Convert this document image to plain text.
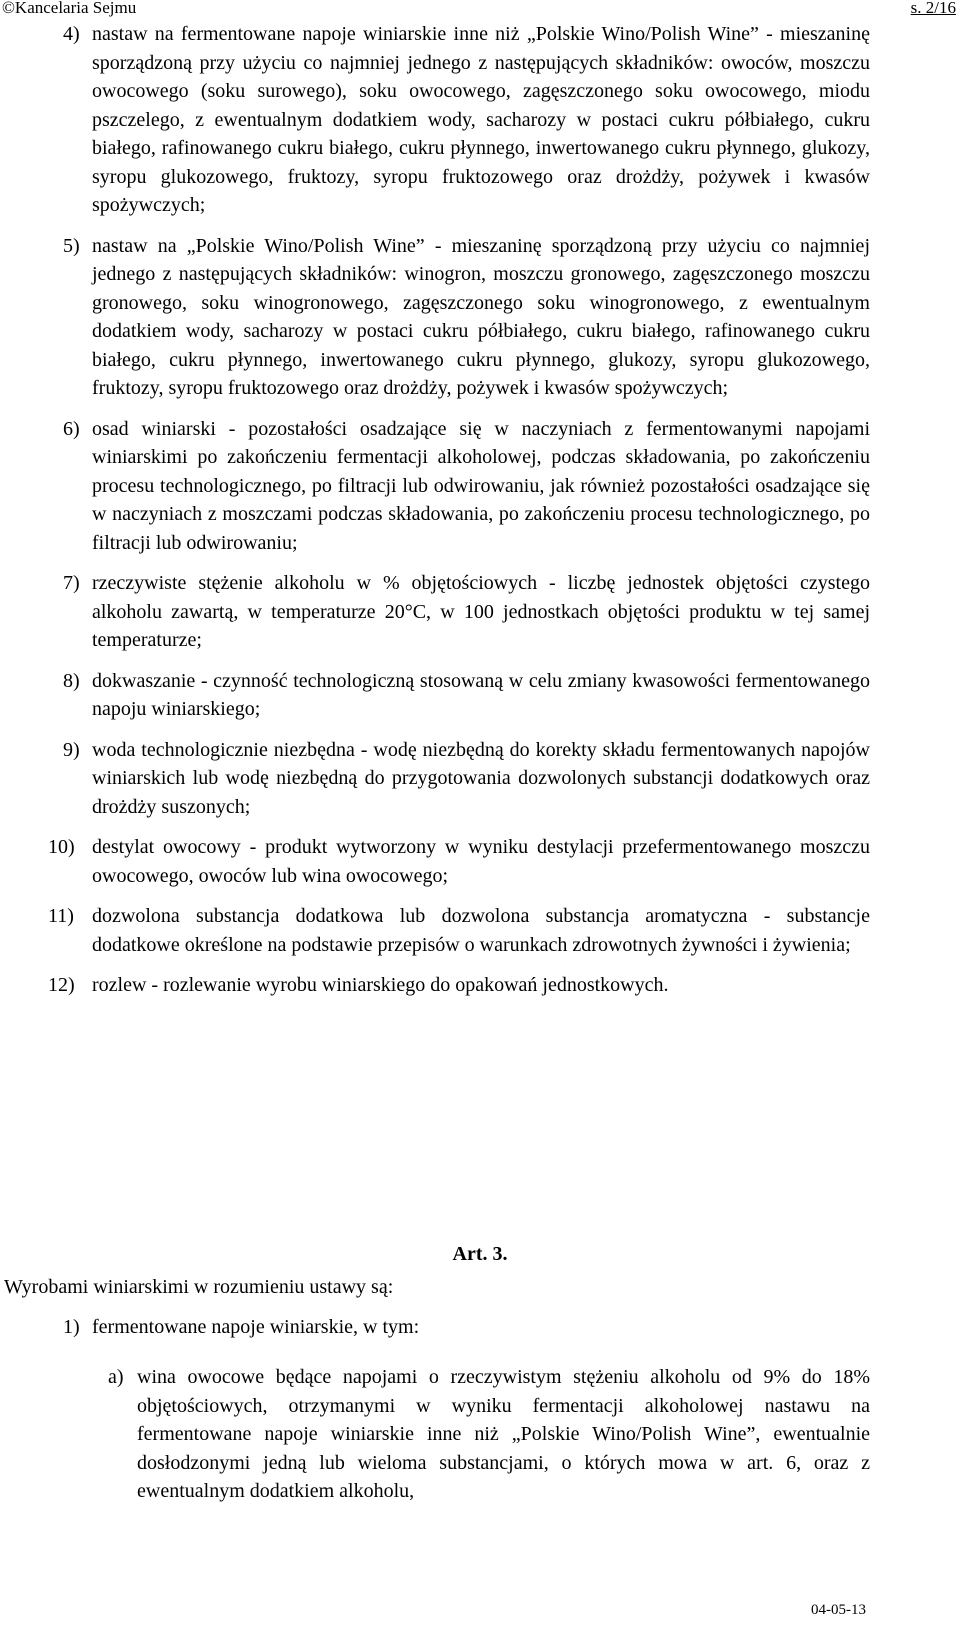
©Kancelaria Sejmu	s. 2/16
4) nastaw na fermentowane napoje winiarskie inne niż „Polskie Wino/Polish Wine” - mieszaninę sporządzoną przy użyciu co najmniej jednego z następujących składników: owoców, moszczu owocowego (soku surowego), soku owocowego, zagęszczonego soku owocowego, miodu pszczelego, z ewentualnym dodatkiem wody, sacharozy w postaci cukru półbiałego, cukru białego, rafinowanego cukru białego, cukru płynnego, inwertowanego cukru płynnego, glukozy, syropu glukozowego, fruktozy, syropu fruktozowego oraz drożdży, pożywek i kwasów spożywczych;
5) nastaw na „Polskie Wino/Polish Wine” - mieszaninę sporządzoną przy użyciu co najmniej jednego z następujących składników: winogron, moszczu gronowego, zagęszczonego moszczu gronowego, soku winogronowego, zagęszczonego soku winogronowego, z ewentualnym dodatkiem wody, sacharozy w postaci cukru półbiałego, cukru białego, rafinowanego cukru białego, cukru płynnego, inwertowanego cukru płynnego, glukozy, syropu glukozowego, fruktozy, syropu fruktozowego oraz drożdży, pożywek i kwasów spożywczych;
6) osad winiarski - pozostałości osadzające się w naczyniach z fermentowanymi napojami winiarskimi po zakończeniu fermentacji alkoholowej, podczas składowania, po zakończeniu procesu technologicznego, po filtracji lub odwirowaniu, jak również pozostałości osadzające się w naczyniach z moszczami podczas składowania, po zakończeniu procesu technologicznego, po filtracji lub odwirowaniu;
7) rzeczywiste stężenie alkoholu w % objętościowych - liczbę jednostek objętości czystego alkoholu zawartą, w temperaturze 20°C, w 100 jednostkach objętości produktu w tej samej temperaturze;
8) dokwaszanie - czynność technologiczną stosowaną w celu zmiany kwasowości fermentowanego napoju winiarskiego;
9) woda technologicznie niezbędna - wodę niezbędną do korekty składu fermentowanych napojów winiarskich lub wodę niezbędną do przygotowania dozwolonych substancji dodatkowych oraz drożdży suszonych;
10) destylat owocowy - produkt wytworzony w wyniku destylacji przefermentowanego moszczu owocowego, owoców lub wina owocowego;
11) dozwolona substancja dodatkowa lub dozwolona substancja aromatyczna - substancje dodatkowe określone na podstawie przepisów o warunkach zdrowotnych żywności i żywienia;
12) rozlew - rozlewanie wyrobu winiarskiego do opakowań jednostkowych.
Art. 3.
Wyrobami winiarskimi w rozumieniu ustawy są:
1) fermentowane napoje winiarskie, w tym:
a) wina owocowe będące napojami o rzeczywistym stężeniu alkoholu od 9% do 18% objętościowych, otrzymanymi w wyniku fermentacji alkoholowej nastawu na fermentowane napoje winiarskie inne niż „Polskie Wino/Polish Wine”, ewentualnie dosłodzonymi jedną lub wieloma substancjami, o których mowa w art. 6, oraz z ewentualnym dodatkiem alkoholu,
04-05-13
